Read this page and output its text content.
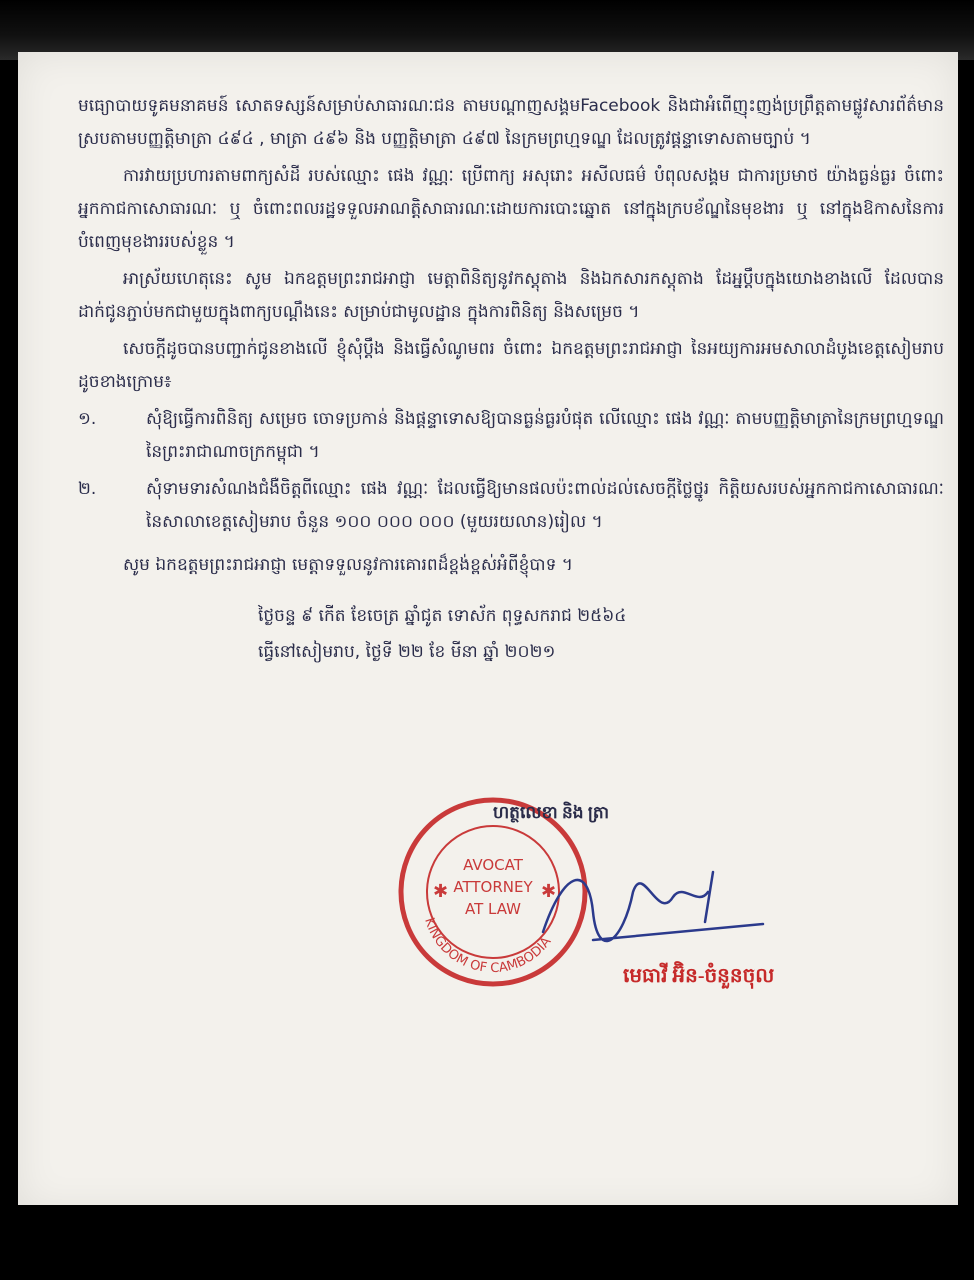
មធ្យោបាយទូគមនាគមន៍ សោតទស្សន៍សម្រាប់សាធារណៈជន តាមបណ្តាញសង្គមFacebook និងជាអំពើញុះញង់ប្រព្រឹត្តតាមផ្លូវសារព័ត៌មាន ស្របតាមបញ្ញត្តិមាត្រា ៤៩៤ , មាត្រា ៤៩៦ និង បញ្ញត្តិមាត្រា ៤៩៧ នៃក្រមព្រហ្មទណ្ឌ ដែលត្រូវផ្តន្ទាទោសតាមច្បាប់ ។

ការវាយប្រហារតាមពាក្យសំដី របស់ឈ្មោះ ផេង វណ្ណៈ ប្រើពាក្យ អសុរោះ អសីលធម៌ បំពុលសង្គម ជាការប្រមាថ យ៉ាងធ្ងន់ធ្ងរ ចំពោះអ្នកកាជកាសោធារណៈ ឬ ចំពោះពលរដ្ឋទទួលអាណត្តិសាធារណៈដោយការបោះឆ្នោត នៅក្នុងក្របខ័ណ្ឌនៃមុខងារ ឬ នៅក្នុងឱកាសនៃការបំពេញមុខងាររបស់ខ្លួន ។

អាស្រ័យហេតុនេះ សូម ឯកឧត្តមព្រះរាជអាជ្ញា មេត្តាពិនិត្យនូវកស្តុតាង និងឯកសារកស្តុតាង ដែអ្នប្តឹបក្នុងយោងខាងលើ ដែលបានដាក់ជូនភ្ជាប់មកជាមួយក្នុងពាក្យបណ្តឹងនេះ សម្រាប់ជាមូលដ្ឋាន ក្នុងការពិនិត្យ និងសម្រេច ។

សេចក្តីដូចបានបញ្ជាក់ជូនខាងលើ ខ្ញុំសុំប្តឹង និងធ្វើសំណូមពរ ចំពោះ ឯកឧត្តមព្រះរាជអាជ្ញា នៃអយ្យការអមសាលាដំបូងខេត្តសៀមរាប ដូចខាងក្រោម៖

១.	សុំឱ្យធ្វើការពិនិត្យ សម្រេច ចោទប្រកាន់ និងផ្តន្ទាទោសឱ្យបានធ្ងន់ធ្ងរបំផុត លើឈ្មោះ ផេង វណ្ណៈ តាមបញ្ញត្តិមាត្រានៃក្រមព្រហ្មទណ្ឌ នៃព្រះរាជាណាចក្រកម្ពុជា ។
២.	សុំទាមទារសំណងជំងឺចិត្តពីឈ្មោះ ផេង វណ្ណៈ ដែលធ្វើឱ្យមានផលប៉ះពាល់ដល់សេចក្តីថ្លៃថ្នូរ កិត្តិយសរបស់អ្នកកាជកាសោធារណៈនៃសាលាខេត្តសៀមរាប ចំនួន ១០០ ០០០ ០០០ (មួយរយលាន)រៀល ។
សូម ឯកឧត្តមព្រះរាជអាជ្ញា មេត្តាទទួលនូវការគោរពដ៏ខ្ពង់ខ្ពស់អំពីខ្ញុំបាទ ។
ថ្ងៃចន្ទ ៩ កើត ខែចេត្រ ឆ្នាំជូត ទោស័ក ពុទ្ធសករាជ ២៥៦៤
ធ្វើនៅសៀមរាប, ថ្ងៃទី ២២ ខែ មីនា ឆ្នាំ ២០២១
AVOCAT
ATTORNEY
AT LAW
KINGDOM OF CAMBODIA
✱	✱
ហត្ថលេខា និង ត្រា
មេធាវី អ៊ិន-ចំនួនចុល
